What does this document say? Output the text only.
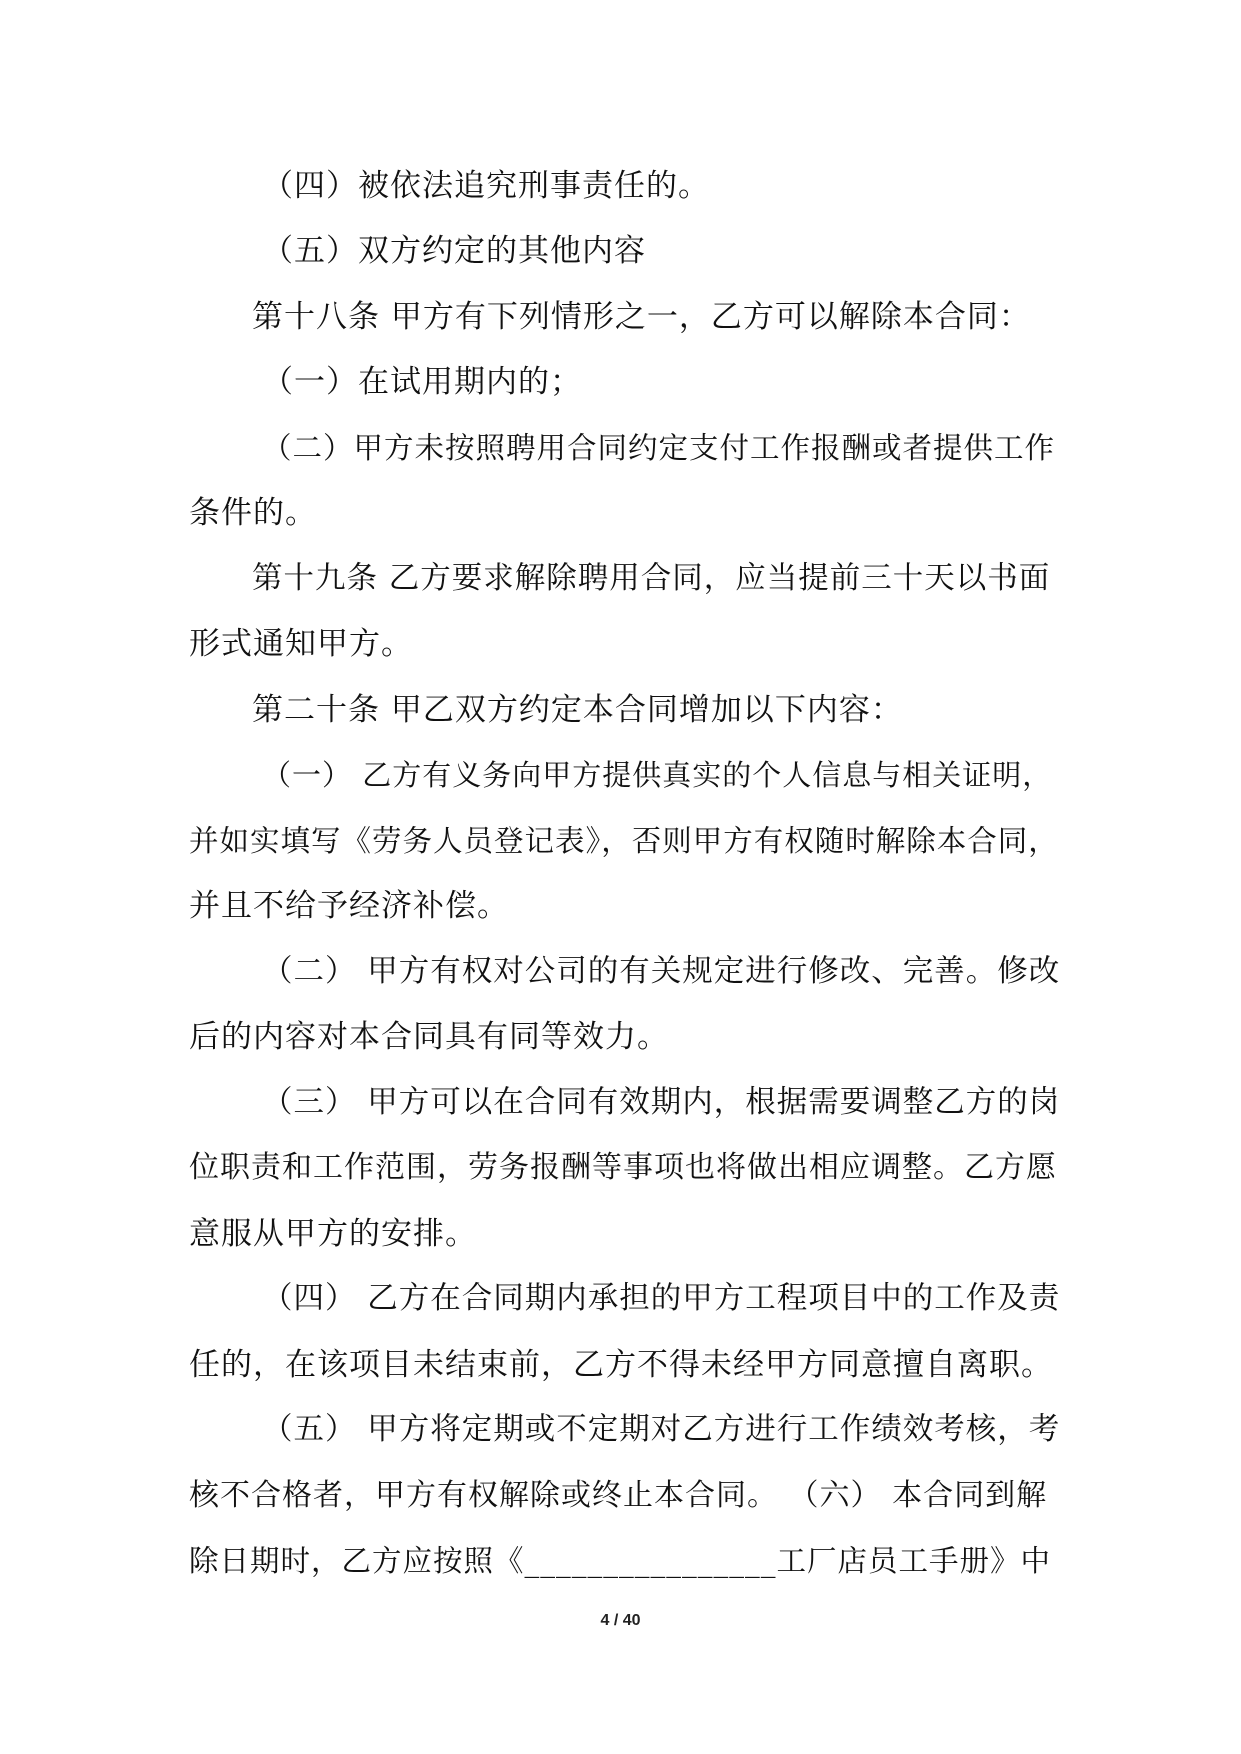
（四）被依法追究刑事责任的。
（五）双方约定的其他内容
第十八条 甲方有下列情形之一，乙方可以解除本合同：
（一）在试用期内的；
（二）甲方未按照聘用合同约定支付工作报酬或者提供工作
条件的。
第十九条 乙方要求解除聘用合同，应当提前三十天以书面
形式通知甲方。
第二十条 甲乙双方约定本合同增加以下内容：
（一） 乙方有义务向甲方提供真实的个人信息与相关证明，
并如实填写《劳务人员登记表》，否则甲方有权随时解除本合同，
并且不给予经济补偿。
（二） 甲方有权对公司的有关规定进行修改、完善。修改
后的内容对本合同具有同等效力。
（三） 甲方可以在合同有效期内，根据需要调整乙方的岗
位职责和工作范围，劳务报酬等事项也将做出相应调整。乙方愿
意服从甲方的安排。
（四） 乙方在合同期内承担的甲方工程项目中的工作及责
任的，在该项目未结束前，乙方不得未经甲方同意擅自离职。
（五） 甲方将定期或不定期对乙方进行工作绩效考核，考
核不合格者，甲方有权解除或终止本合同。 （六） 本合同到解
除日期时，乙方应按照《________________工厂店员工手册》中
4 / 40
